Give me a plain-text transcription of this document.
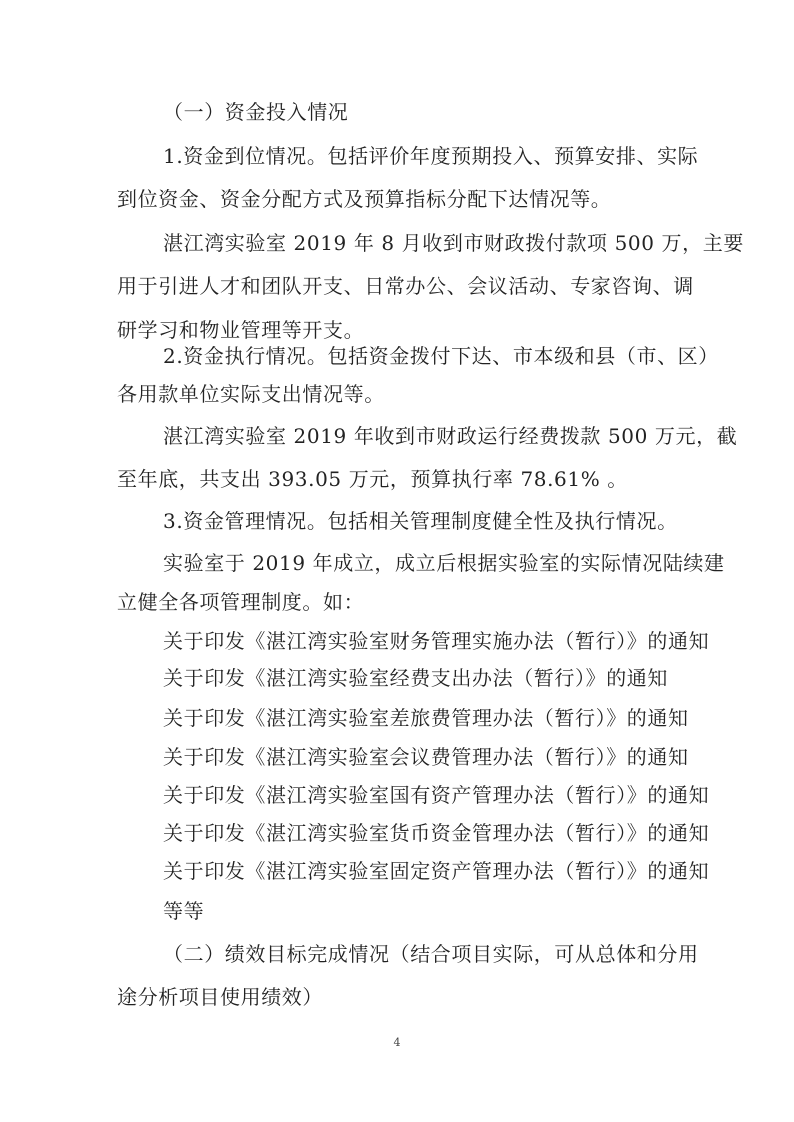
（一）资金投入情况
1.资金到位情况。包括评价年度预期投入、预算安排、实际
到位资金、资金分配方式及预算指标分配下达情况等。
湛江湾实验室 2019 年 8 月收到市财政拨付款项 500 万，主要
用于引进人才和团队开支、日常办公、会议活动、专家咨询、调
研学习和物业管理等开支。
2.资金执行情况。包括资金拨付下达、市本级和县（市、区）
各用款单位实际支出情况等。
湛江湾实验室 2019 年收到市财政运行经费拨款 500 万元，截
至年底，共支出 393.05 万元，预算执行率 78.61% 。
3.资金管理情况。包括相关管理制度健全性及执行情况。
实验室于 2019 年成立，成立后根据实验室的实际情况陆续建
立健全各项管理制度。如：
关于印发《湛江湾实验室财务管理实施办法（暂行）》的通知
关于印发《湛江湾实验室经费支出办法（暂行）》的通知
关于印发《湛江湾实验室差旅费管理办法（暂行）》的通知
关于印发《湛江湾实验室会议费管理办法（暂行）》的通知
关于印发《湛江湾实验室国有资产管理办法（暂行）》的通知
关于印发《湛江湾实验室货币资金管理办法（暂行）》的通知
关于印发《湛江湾实验室固定资产管理办法（暂行）》的通知
等等
（二）绩效目标完成情况（结合项目实际，可从总体和分用
途分析项目使用绩效）
4
